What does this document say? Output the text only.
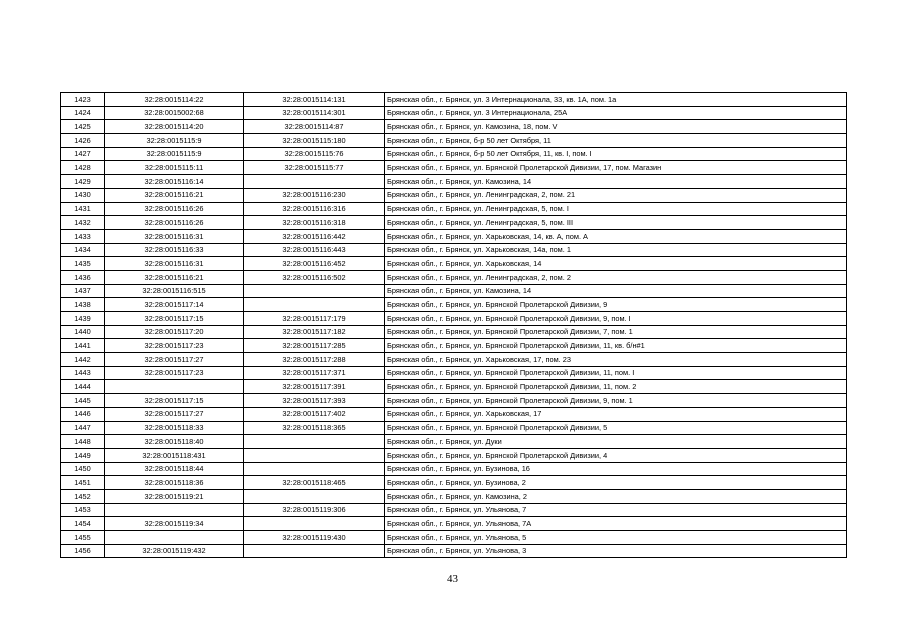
1423	32:28:0015114:22	32:28:0015114:131	Брянская обл., г. Брянск, ул. 3 Интернационала, 33, кв. 1А, пом. 1а
1424	32:28:0015002:68	32:28:0015114:301	Брянская обл., г. Брянск, ул. 3 Интернационала, 25А
1425	32:28:0015114:20	32:28:0015114:87	Брянская обл., г. Брянск, ул. Камозина, 18, пом. V
1426	32:28:0015115:9	32:28:0015115:180	Брянская обл., г. Брянск, б-р 50 лет Октября, 11
1427	32:28:0015115:9	32:28:0015115:76	Брянская обл., г. Брянск, б-р 50 лет Октября, 11, кв. I, пом. I
1428	32:28:0015115:11	32:28:0015115:77	Брянская обл., г. Брянск, ул. Брянской Пролетарской Дивизии, 17, пом. Магазин
1429	32:28:0015116:14		Брянская обл., г. Брянск, ул. Камозина, 14
1430	32:28:0015116:21	32:28:0015116:230	Брянская обл., г. Брянск, ул. Ленинградская, 2, пом. 21
1431	32:28:0015116:26	32:28:0015116:316	Брянская обл., г. Брянск, ул. Ленинградская, 5, пом. I
1432	32:28:0015116:26	32:28:0015116:318	Брянская обл., г. Брянск, ул. Ленинградская, 5, пом. III
1433	32:28:0015116:31	32:28:0015116:442	Брянская обл., г. Брянск, ул. Харьковская, 14, кв. А, пом. А
1434	32:28:0015116:33	32:28:0015116:443	Брянская обл., г. Брянск, ул. Харьковская, 14а, пом. 1
1435	32:28:0015116:31	32:28:0015116:452	Брянская обл., г. Брянск, ул. Харьковская, 14
1436	32:28:0015116:21	32:28:0015116:502	Брянская обл., г. Брянск, ул. Ленинградская, 2, пом. 2
1437	32:28:0015116:515		Брянская обл., г. Брянск, ул. Камозина, 14
1438	32:28:0015117:14		Брянская обл., г. Брянск, ул. Брянской Пролетарской Дивизии, 9
1439	32:28:0015117:15	32:28:0015117:179	Брянская обл., г. Брянск, ул. Брянской Пролетарской Дивизии, 9, пом. I
1440	32:28:0015117:20	32:28:0015117:182	Брянская обл., г. Брянск, ул. Брянской Пролетарской Дивизии, 7, пом. 1
1441	32:28:0015117:23	32:28:0015117:285	Брянская обл., г. Брянск, ул. Брянской Пролетарской Дивизии, 11, кв. б/н#1
1442	32:28:0015117:27	32:28:0015117:288	Брянская обл., г. Брянск, ул. Харьковская, 17, пом. 23
1443	32:28:0015117:23	32:28:0015117:371	Брянская обл., г. Брянск, ул. Брянской Пролетарской Дивизии, 11, пом. I
1444		32:28:0015117:391	Брянская обл., г. Брянск, ул. Брянской Пролетарской Дивизии, 11, пом. 2
1445	32:28:0015117:15	32:28:0015117:393	Брянская обл., г. Брянск, ул. Брянской Пролетарской Дивизии, 9, пом. 1
1446	32:28:0015117:27	32:28:0015117:402	Брянская обл., г. Брянск, ул. Харьковская, 17
1447	32:28:0015118:33	32:28:0015118:365	Брянская обл., г. Брянск, ул. Брянской Пролетарской Дивизии, 5
1448	32:28:0015118:40		Брянская обл., г. Брянск, ул. Дуки
1449	32:28:0015118:431		Брянская обл., г. Брянск, ул. Брянской Пролетарской Дивизии, 4
1450	32:28:0015118:44		Брянская обл., г. Брянск, ул. Бузинова, 16
1451	32:28:0015118:36	32:28:0015118:465	Брянская обл., г. Брянск, ул. Бузинова, 2
1452	32:28:0015119:21		Брянская обл., г. Брянск, ул. Камозина, 2
1453		32:28:0015119:306	Брянская обл., г. Брянск, ул. Ульянова, 7
1454	32:28:0015119:34		Брянская обл., г. Брянск, ул. Ульянова, 7А
1455		32:28:0015119:430	Брянская обл., г. Брянск, ул. Ульянова, 5
1456	32:28:0015119:432		Брянская обл., г. Брянск, ул. Ульянова, 3
43
